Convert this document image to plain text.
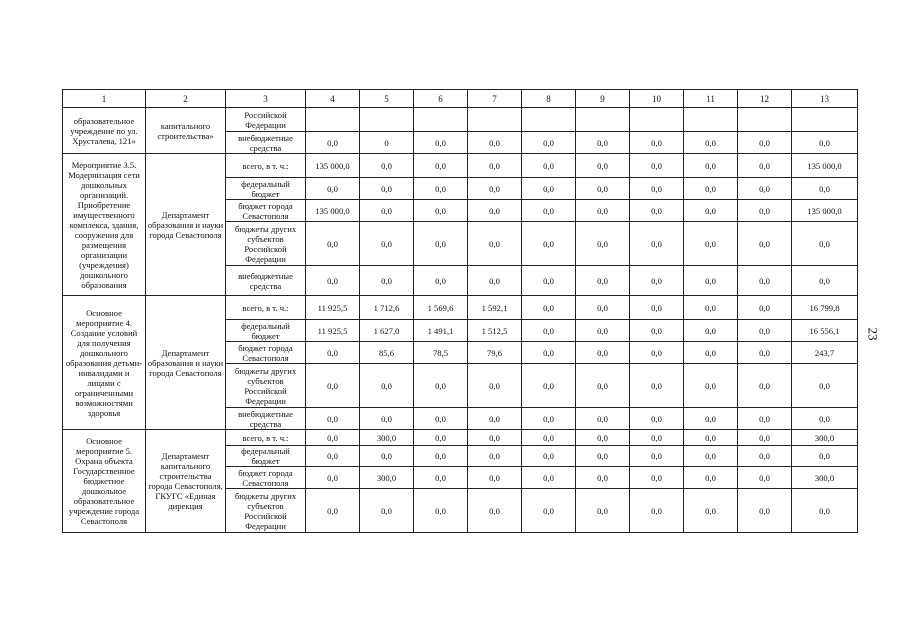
1	2	3	4	5	6	7	8	9	10	11	12	13
образовательное учреждение по ул. Хрусталева, 121»	капитального строительства»	Российской Федерации										
		внебюджетные средства	0,0	0	0,0	0,0	0,0	0,0	0,0	0,0	0,0	0,0
Мероприятие 3.5. Модернизация сети дошкольных организаций. Приобретение имущественного комплекса, здания, сооружения для размещения организации (учреждения) дошкольного образования	Департамент образования и науки города Севастополя	всего, в т. ч.:	135 000,0	0,0	0,0	0,0	0,0	0,0	0,0	0,0	0,0	135 000,0
		федеральный бюджет	0,0	0,0	0,0	0,0	0,0	0,0	0,0	0,0	0,0	0,0
		бюджет города Севастополя	135 000,0	0,0	0,0	0,0	0,0	0,0	0,0	0,0	0,0	135 000,0
		бюджеты других субъектов Российской Федерации	0,0	0,0	0,0	0,0	0,0	0,0	0,0	0,0	0,0	0,0
		внебюджетные средства	0,0	0,0	0,0	0,0	0,0	0,0	0,0	0,0	0,0	0,0
Основное мероприятие 4. Создание условий для получения дошкольного образования детьми-инвалидами и лицами с ограниченными возможностями здоровья	Департамент образования и науки города Севастополя	всего, в т. ч.:	11 925,5	1 712,6	1 569,6	1 592,1	0,0	0,0	0,0	0,0	0,0	16 799,8
		федеральный бюджет	11 925,5	1 627,0	1 491,1	1 512,5	0,0	0,0	0,0	0,0	0,0	16 556,1
		бюджет города Севастополя	0,0	85,6	78,5	79,6	0,0	0,0	0,0	0,0	0,0	243,7
		бюджеты других субъектов Российской Федерации	0,0	0,0	0,0	0,0	0,0	0,0	0,0	0,0	0,0	0,0
		внебюджетные средства	0,0	0,0	0,0	0,0	0,0	0,0	0,0	0,0	0,0	0,0
Основное мероприятие 5. Охрана объекта Государственное бюджетное дошкольное образовательное учреждение города Севастополя	Департамент капитального строительства города Севастополя, ГКУГС «Единая дирекция	всего, в т. ч.:	0,0	300,0	0,0	0,0	0,0	0,0	0,0	0,0	0,0	300,0
		федеральный бюджет	0,0	0,0	0,0	0,0	0,0	0,0	0,0	0,0	0,0	0,0
		бюджет города Севастополя	0,0	300,0	0,0	0,0	0,0	0,0	0,0	0,0	0,0	300,0
		бюджеты других субъектов Российской Федерации	0,0	0,0	0,0	0,0	0,0	0,0	0,0	0,0	0,0	0,0
23
